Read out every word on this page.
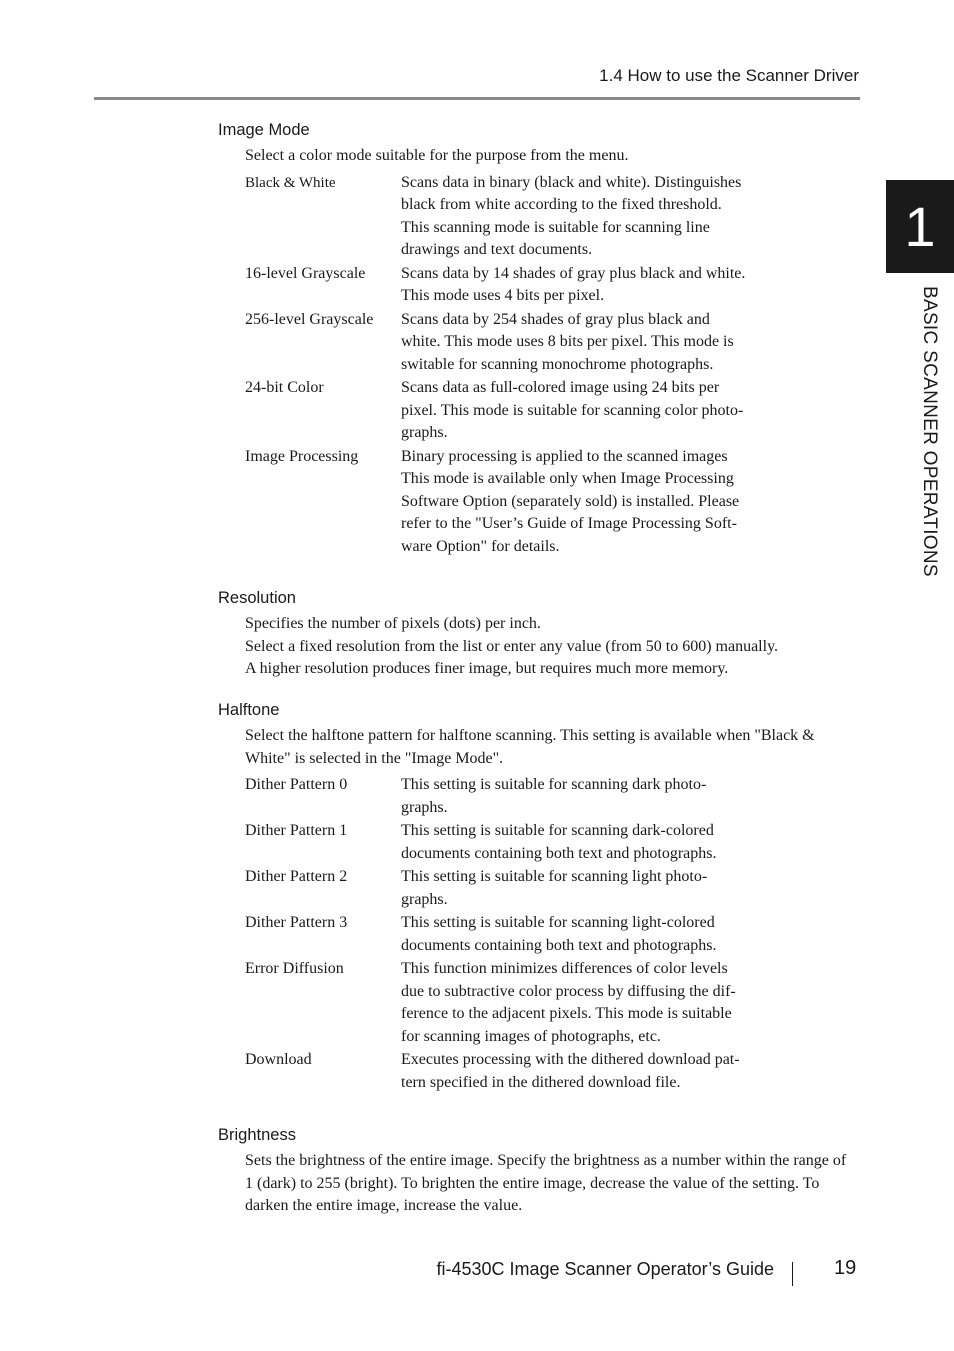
1.4 How to use the Scanner Driver
1
BASIC SCANNER OPERATIONS
Image Mode

Select a color mode suitable for the purpose from the menu.

Black & White	Scans data in binary (black and white). Distinguishes
black from white according to the fixed threshold.
This scanning mode is suitable for scanning line
drawings and text documents.
16-level Grayscale	Scans data by 14 shades of gray plus black and white.
This mode uses 4 bits per pixel.
256-level Grayscale	Scans data by 254 shades of gray plus black and
white. This mode uses 8 bits per pixel. This mode is
switable for scanning monochrome photographs.
24-bit Color	Scans data as full-colored image using 24 bits per
pixel. This mode is suitable for scanning color photo-
graphs.
Image Processing	Binary processing is applied to the scanned images
This mode is available only when Image Processing
Software Option (separately sold) is installed. Please
refer to the "User’s Guide of Image Processing Soft-
ware Option" for details.
Resolution

Specifies the number of pixels (dots) per inch.

Select a fixed resolution from the list or enter any value (from 50 to 600) manually.

A higher resolution produces finer image, but requires much more memory.

Halftone

Select the halftone pattern for halftone scanning. This setting is available when "Black & White" is selected in the "Image Mode".

Dither Pattern 0	This setting is suitable for scanning dark photo-
graphs.
Dither Pattern 1	This setting is suitable for scanning dark-colored
documents containing both text and photographs.
Dither Pattern 2	This setting is suitable for scanning light photo-
graphs.
Dither Pattern 3	This setting is suitable for scanning light-colored
documents containing both text and photographs.
Error Diffusion	This function minimizes differences of color levels
due to subtractive color process by diffusing the dif-
ference to the adjacent pixels. This mode is suitable
for scanning images of photographs, etc.
Download	Executes processing with the dithered download pat-
tern specified in the dithered download file.
Brightness

Sets the brightness of the entire image. Specify the brightness as a number within the range of 1 (dark) to 255 (bright). To brighten the entire image, decrease the value of the setting. To darken the entire image, increase the value.

fi-4530C Image Scanner Operator’s Guide	19
